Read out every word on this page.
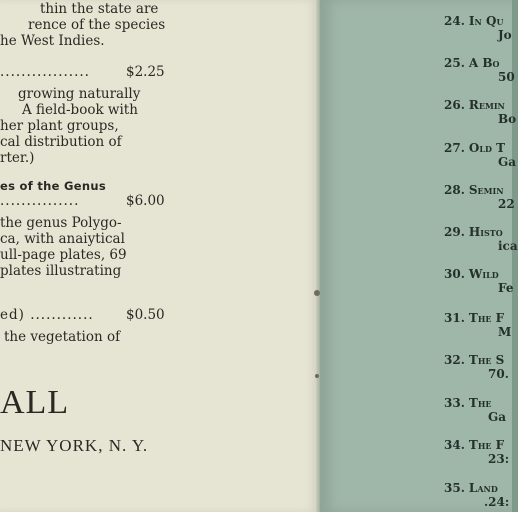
thin the state are
rence of the species
he West Indies.
.................	$2.25
growing naturally
A field-book with
her plant groups,
cal distribution of
rter.)
es of the Genus
...............	$6.00
the genus Polygo-
ca, with anaiytical
ull-page plates, 69
plates illustrating
ed) ............ $0.50
the vegetation of
ALL
NEW YORK, N. Y.
24. In Qu
Jo
25. A Bo
50
26. Remin
Bo
27. Old T
Ga
28. Semin
22
29. Histo
ica
30. Wild
Fe
31. The F
M
32. The S
70.
33. The
Ga
34. The F
23:
35. Land
.24:
